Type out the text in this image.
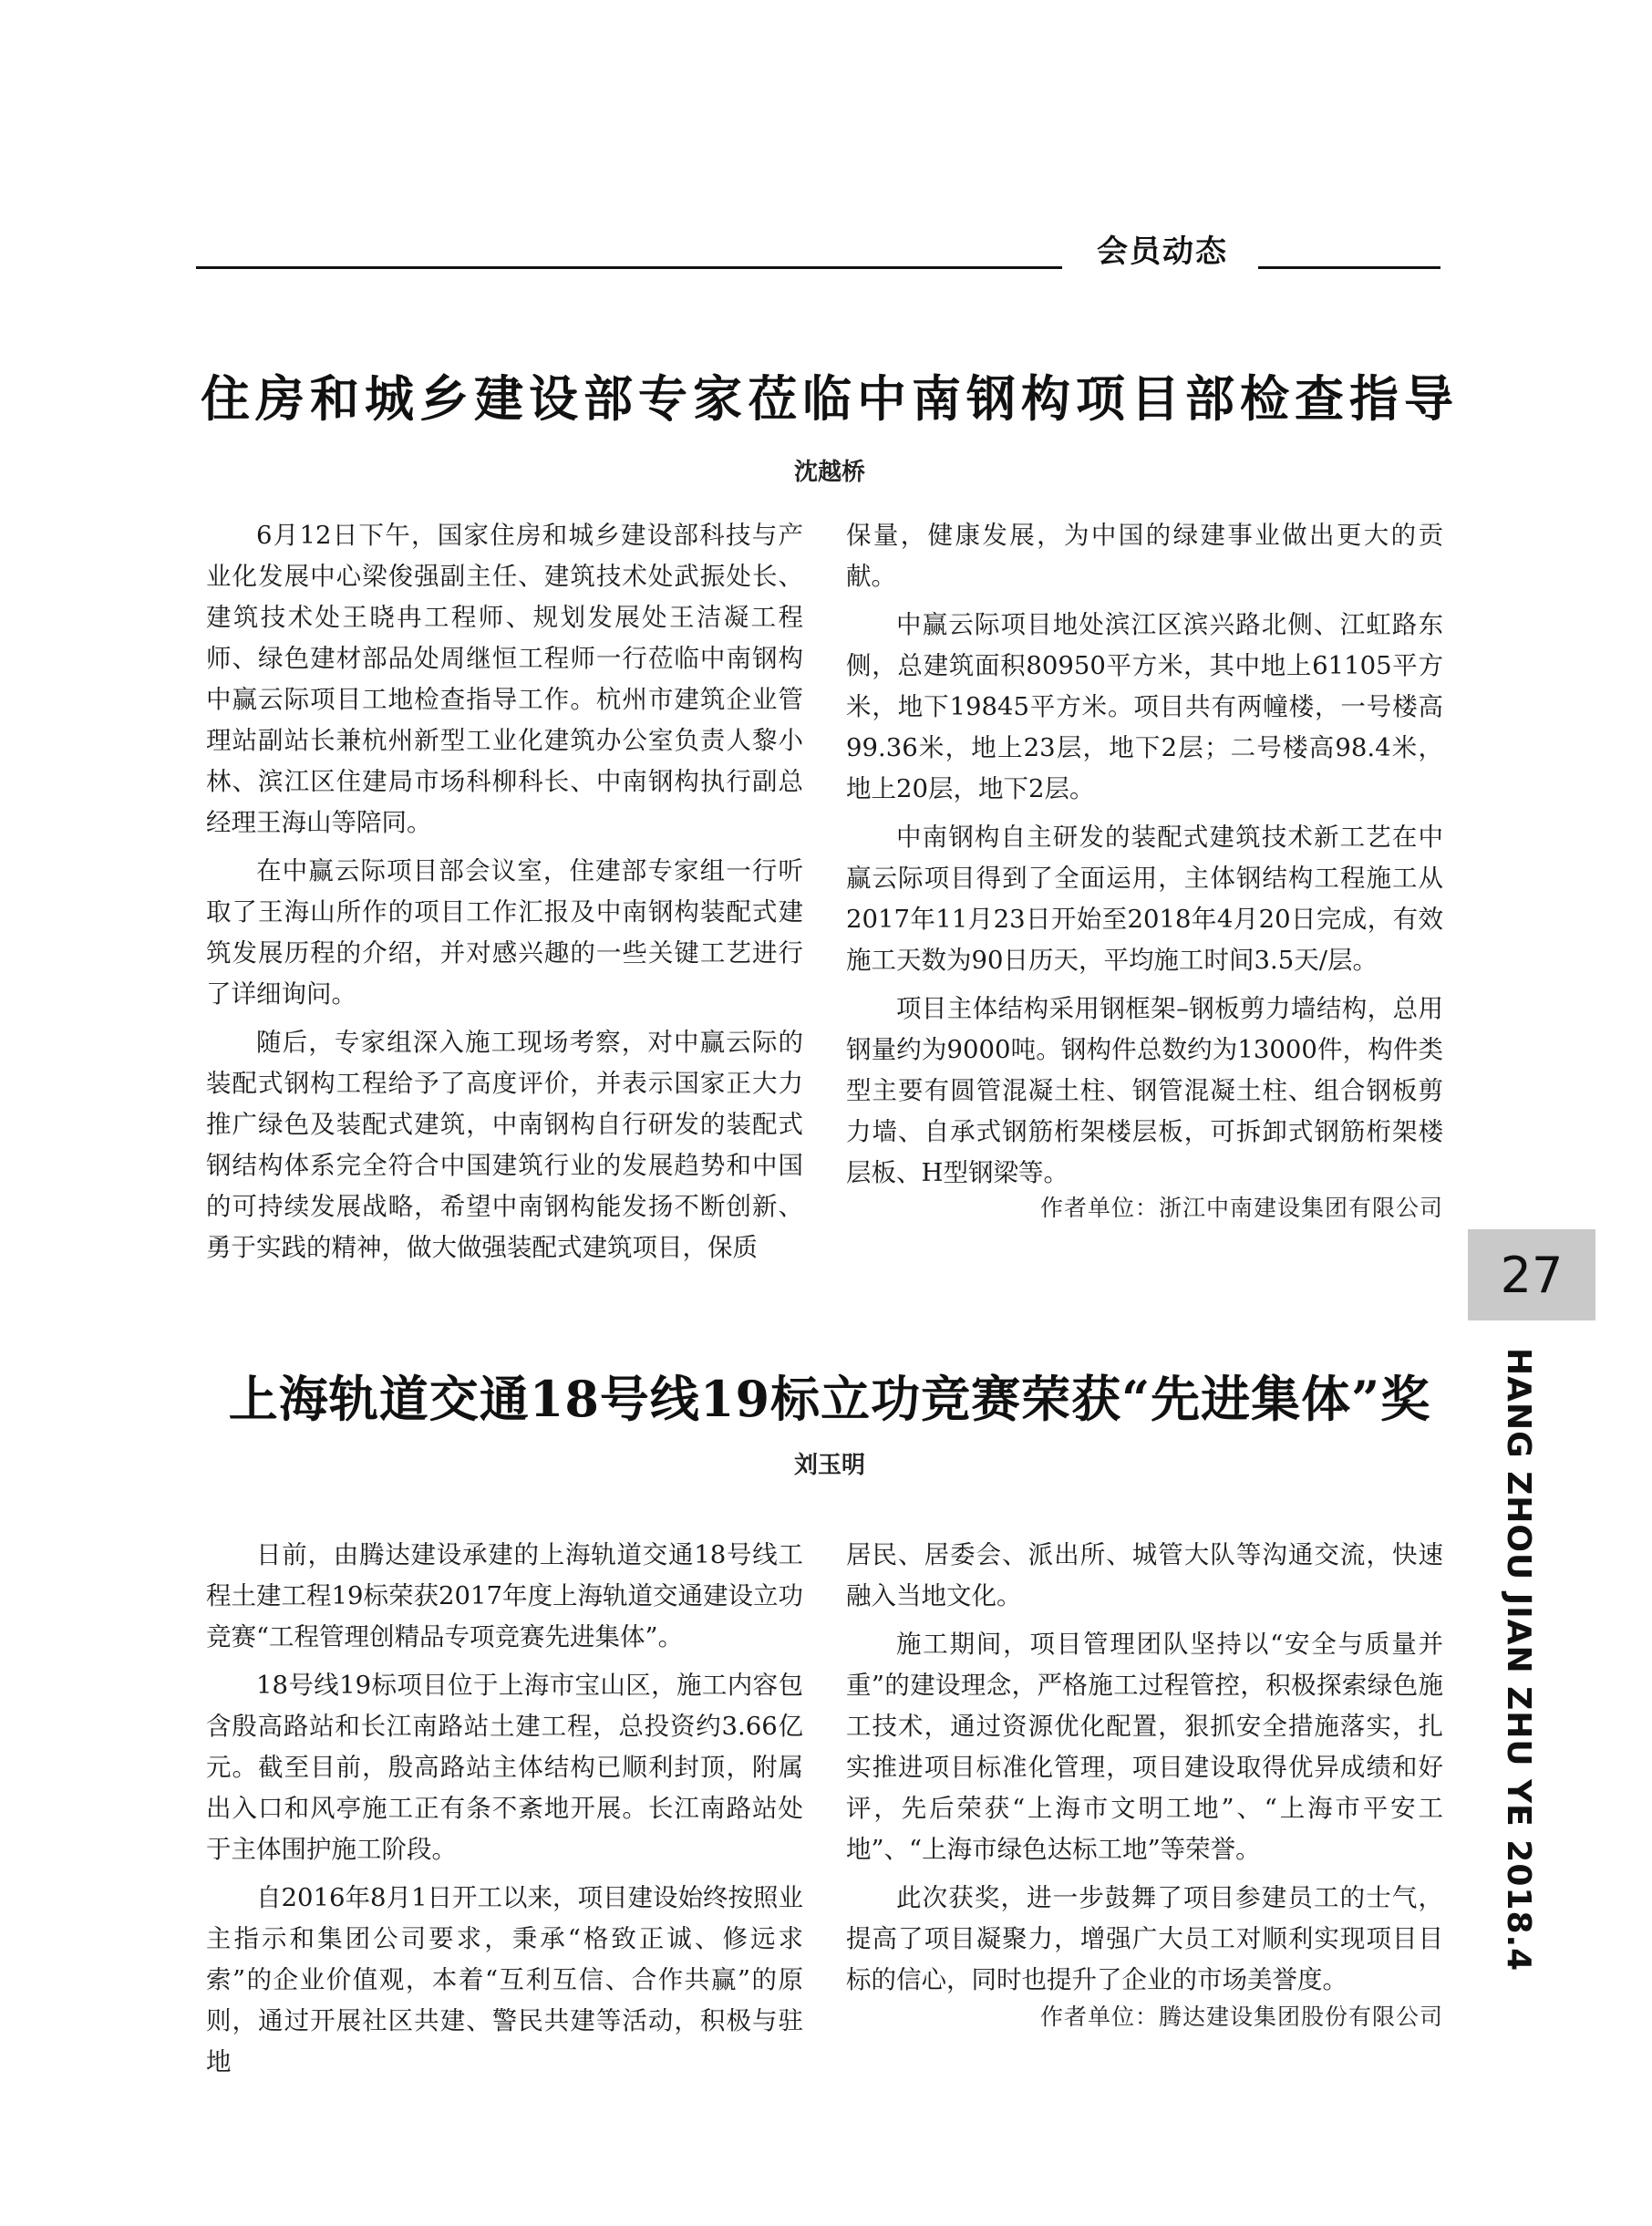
会员动态
住房和城乡建设部专家莅临中南钢构项目部检查指导
沈越桥

6月12日下午，国家住房和城乡建设部科技与产业化发展中心梁俊强副主任、建筑技术处武振处长、建筑技术处王晓冉工程师、规划发展处王洁凝工程师、绿色建材部品处周继恒工程师一行莅临中南钢构中赢云际项目工地检查指导工作。杭州市建筑企业管理站副站长兼杭州新型工业化建筑办公室负责人黎小林、滨江区住建局市场科柳科长、中南钢构执行副总经理王海山等陪同。

在中赢云际项目部会议室，住建部专家组一行听取了王海山所作的项目工作汇报及中南钢构装配式建筑发展历程的介绍，并对感兴趣的一些关键工艺进行了详细询问。

随后，专家组深入施工现场考察，对中赢云际的装配式钢构工程给予了高度评价，并表示国家正大力推广绿色及装配式建筑，中南钢构自行研发的装配式钢结构体系完全符合中国建筑行业的发展趋势和中国的可持续发展战略，希望中南钢构能发扬不断创新、勇于实践的精神，做大做强装配式建筑项目，保质

保量，健康发展，为中国的绿建事业做出更大的贡献。

中赢云际项目地处滨江区滨兴路北侧、江虹路东侧，总建筑面积80950平方米，其中地上61105平方米，地下19845平方米。项目共有两幢楼，一号楼高99.36米，地上23层，地下2层；二号楼高98.4米，地上20层，地下2层。

中南钢构自主研发的装配式建筑技术新工艺在中赢云际项目得到了全面运用，主体钢结构工程施工从2017年11月23日开始至2018年4月20日完成，有效施工天数为90日历天，平均施工时间3.5天/层。

项目主体结构采用钢框架–钢板剪力墙结构，总用钢量约为9000吨。钢构件总数约为13000件，构件类型主要有圆管混凝土柱、钢管混凝土柱、组合钢板剪力墙、自承式钢筋桁架楼层板，可拆卸式钢筋桁架楼层板、H型钢梁等。

作者单位：浙江中南建设集团有限公司
27
HANG ZHOU JIAN ZHU YE 2018.4
上海轨道交通18号线19标立功竞赛荣获“先进集体”奖
刘玉明

日前，由腾达建设承建的上海轨道交通18号线工程土建工程19标荣获2017年度上海轨道交通建设立功竞赛“工程管理创精品专项竞赛先进集体”。

18号线19标项目位于上海市宝山区，施工内容包含殷高路站和长江南路站土建工程，总投资约3.66亿元。截至目前，殷高路站主体结构已顺利封顶，附属出入口和风亭施工正有条不紊地开展。长江南路站处于主体围护施工阶段。

自2016年8月1日开工以来，项目建设始终按照业主指示和集团公司要求，秉承“格致正诚、修远求索”的企业价值观，本着“互利互信、合作共赢”的原则，通过开展社区共建、警民共建等活动，积极与驻地

居民、居委会、派出所、城管大队等沟通交流，快速融入当地文化。

施工期间，项目管理团队坚持以“安全与质量并重”的建设理念，严格施工过程管控，积极探索绿色施工技术，通过资源优化配置，狠抓安全措施落实，扎实推进项目标准化管理，项目建设取得优异成绩和好评，先后荣获“上海市文明工地”、“上海市平安工地”、“上海市绿色达标工地”等荣誉。

此次获奖，进一步鼓舞了项目参建员工的士气，提高了项目凝聚力，增强广大员工对顺利实现项目目标的信心，同时也提升了企业的市场美誉度。

作者单位：腾达建设集团股份有限公司
